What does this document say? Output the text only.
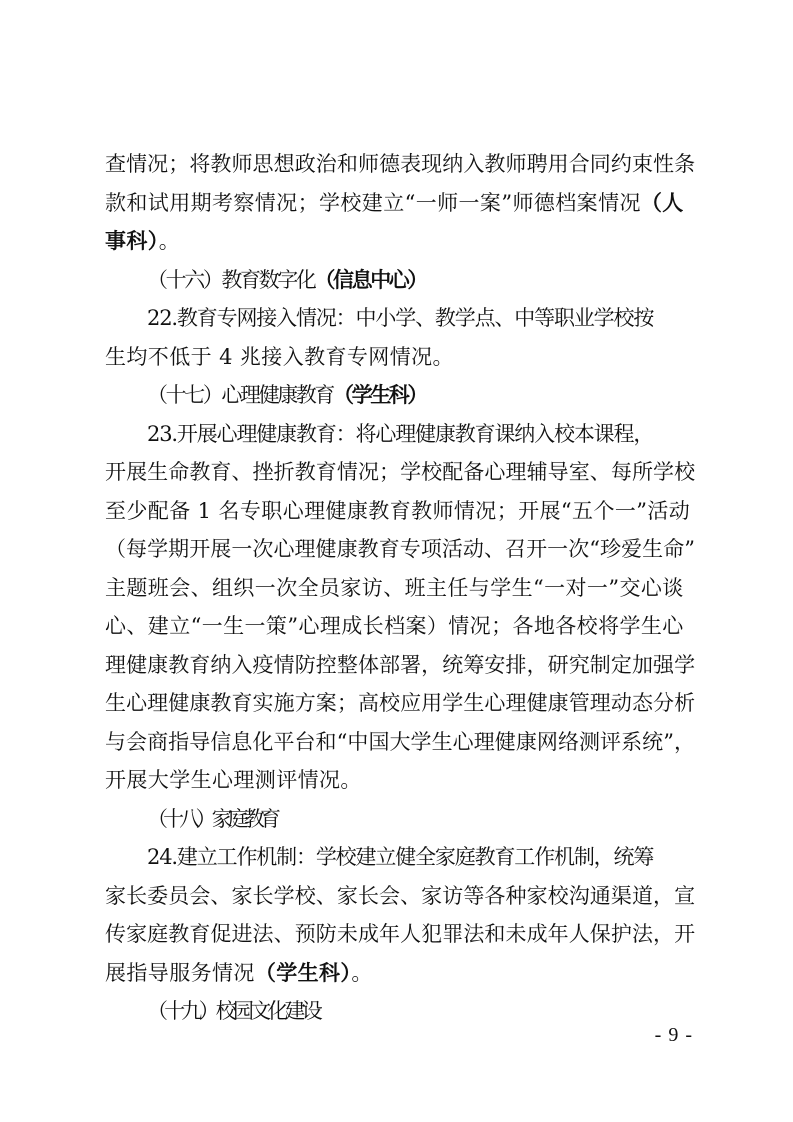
查情况；将教师思想政治和师德表现纳入教师聘用合同约束性条
款和试用期考察情况；学校建立“一师一案”师德档案情况（人
事科）。
（十六）教育数字化（信息中心）
22.教育专网接入情况：中小学、教学点、中等职业学校按
生均不低于 4 兆接入教育专网情况。
（十七）心理健康教育（学生科）
23.开展心理健康教育：将心理健康教育课纳入校本课程，
开展生命教育、挫折教育情况；学校配备心理辅导室、每所学校
至少配备 1 名专职心理健康教育教师情况；开展“五个一”活动
（每学期开展一次心理健康教育专项活动、召开一次“珍爱生命”
主题班会、组织一次全员家访、班主任与学生“一对一”交心谈
心、建立“一生一策”心理成长档案）情况；各地各校将学生心
理健康教育纳入疫情防控整体部署，统筹安排，研究制定加强学
生心理健康教育实施方案；高校应用学生心理健康管理动态分析
与会商指导信息化平台和“中国大学生心理健康网络测评系统”，
开展大学生心理测评情况。
（十八）家庭教育
24.建立工作机制：学校建立健全家庭教育工作机制，统筹
家长委员会、家长学校、家长会、家访等各种家校沟通渠道，宣
传家庭教育促进法、预防未成年人犯罪法和未成年人保护法，开
展指导服务情况（学生科）。
（十九）校园文化建设
- 9 -
